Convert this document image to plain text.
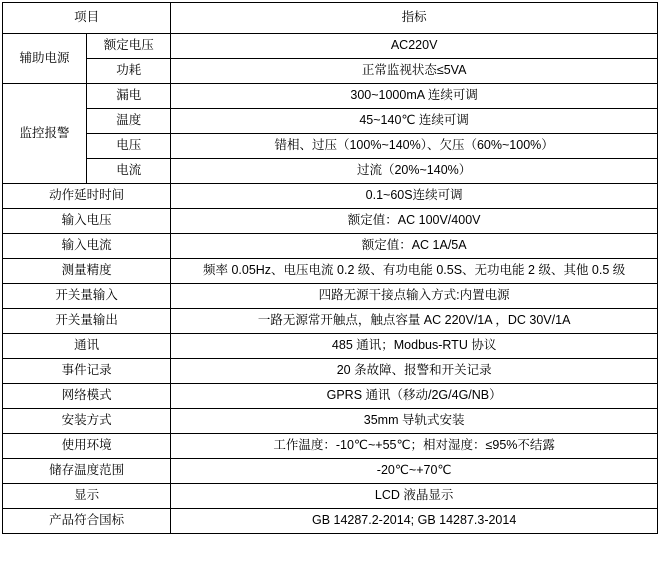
项目		指标
辅助电源	额定电压	AC220V
	功耗	正常监视状态≤5VA
监控报警	漏电	300~1000mA 连续可调
	温度	45~140℃ 连续可调
	电压	错相、过压（100%~140%）、欠压（60%~100%）
	电流	过流（20%~140%）
动作延时时间		0.1~60S连续可调
输入电压		额定值：AC 100V/400V
输入电流		额定值：AC 1A/5A
测量精度		频率 0.05Hz、电压电流 0.2 级、有功电能 0.5S、无功电能 2 级、其他 0.5 级
开关量输入		四路无源干接点输入方式:内置电源
开关量输出		一路无源常开触点，触点容量 AC 220V/1A ，DC 30V/1A
通讯		485 通讯；Modbus-RTU 协议
事件记录		20 条故障、报警和开关记录
网络模式		GPRS 通讯（移动/2G/4G/NB）
安装方式		35mm 导轨式安装
使用环境		工作温度：-10℃~+55℃；相对湿度：≤95%不结露
储存温度范围		-20℃~+70℃
显示		LCD 液晶显示
产品符合国标		GB 14287.2-2014; GB 14287.3-2014
